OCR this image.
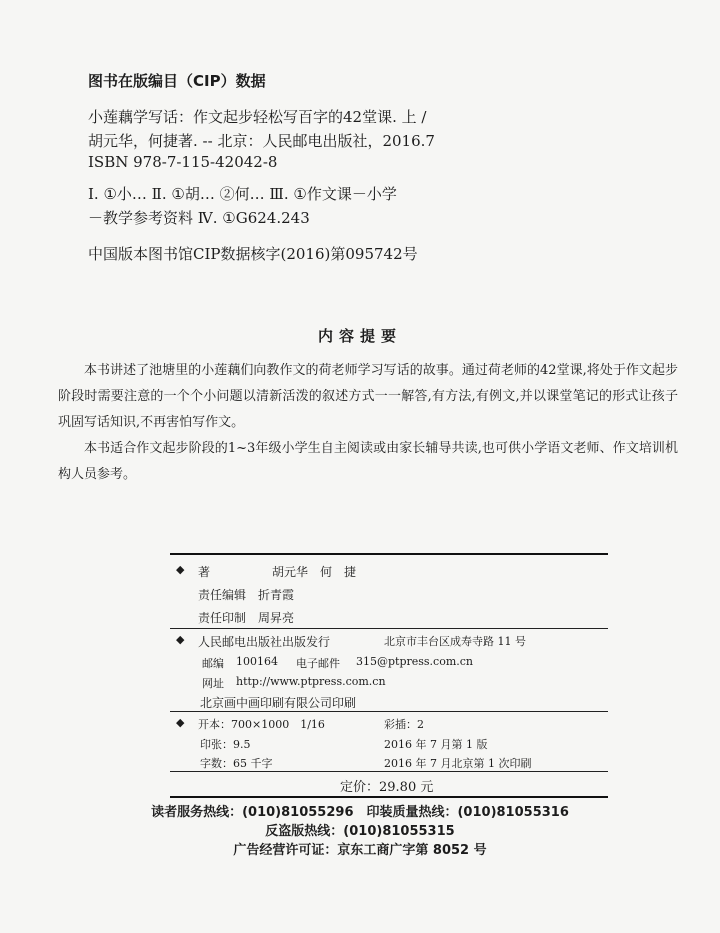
图书在版编目（CIP）数据
小莲藕学写话：作文起步轻松写百字的42堂课. 上 /
胡元华，何捷著. -- 北京：人民邮电出版社，2016.7
ISBN 978-7-115-42042-8
Ⅰ. ①小… Ⅱ. ①胡… ②何… Ⅲ. ①作文课－小学
－教学参考资料 Ⅳ. ①G624.243
中国版本图书馆CIP数据核字(2016)第095742号
内容提要
本书讲述了池塘里的小莲藕们向教作文的荷老师学习写话的故事。通过荷老师的42堂课,将处于作文起步阶段时需要注意的一个个小问题以清新活泼的叙述方式一一解答,有方法,有例文,并以课堂笔记的形式让孩子巩固写话知识,不再害怕写作文。
本书适合作文起步阶段的1~3年级小学生自主阅读或由家长辅导共读,也可供小学语文老师、作文培训机构人员参考。
◆ 著	胡元华　何　捷
责任编辑 折青霞
责任印制 周昇亮
◆ 人民邮电出版社出版发行	北京市丰台区成寿寺路 11 号
邮编 100164 电子邮件 315@ptpress.com.cn
网址 http://www.ptpress.com.cn
北京画中画印刷有限公司印刷
◆ 开本：700×1000　1/16	彩插：2
印张：9.5	2016 年 7 月第 1 版
字数：65 千字	2016 年 7 月北京第 1 次印刷
定价：29.80 元
读者服务热线：(010)81055296　印装质量热线：(010)81055316
反盗版热线：(010)81055315
广告经营许可证：京东工商广字第 8052 号
